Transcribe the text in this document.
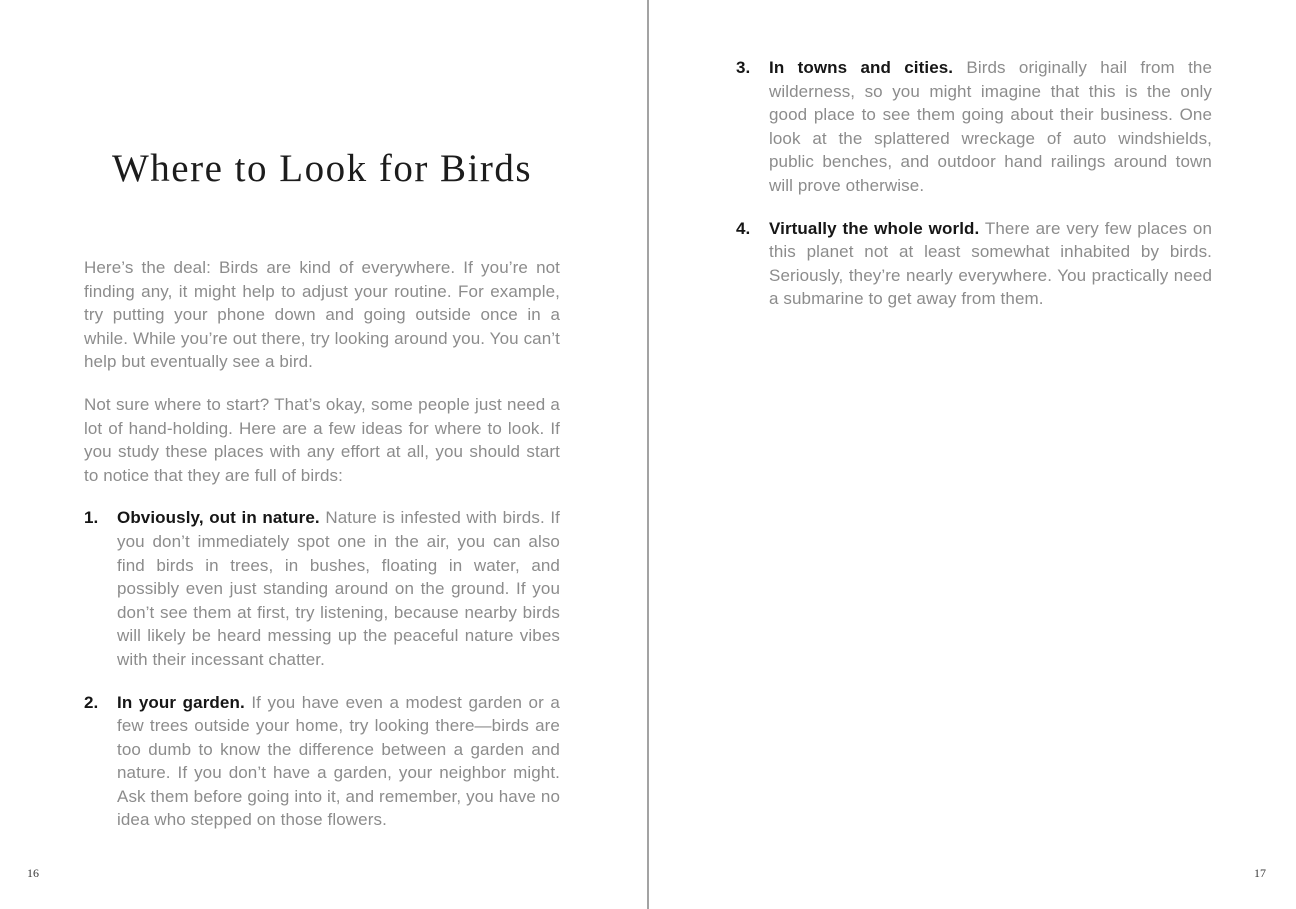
Where to Look for Birds

Here’s the deal: Birds are kind of everywhere. If you’re not finding any, it might help to adjust your routine. For example, try putting your phone down and going outside once in a while. While you’re out there, try looking around you. You can’t help but eventually see a bird.

Not sure where to start? That’s okay, some people just need a lot of hand-holding. Here are a few ideas for where to look. If you study these places with any effort at all, you should start to notice that they are full of birds:

1.	Obviously, out in nature. Nature is infested with birds. If you don’t immediately spot one in the air, you can also find birds in trees, in bushes, floating in water, and possibly even just standing around on the ground. If you don’t see them at first, try listening, because nearby birds will likely be heard messing up the peaceful nature vibes with their incessant chatter.
2.	In your garden. If you have even a modest garden or a few trees outside your home, try looking there—birds are too dumb to know the difference between a garden and nature. If you don’t have a garden, your neighbor might. Ask them before going into it, and remember, you have no idea who stepped on those flowers.
16
3.	In towns and cities. Birds originally hail from the wilderness, so you might imagine that this is the only good place to see them going about their business. One look at the splattered wreckage of auto windshields, public benches, and outdoor hand railings around town will prove otherwise.
4.	Virtually the whole world. There are very few places on this planet not at least somewhat inhabited by birds. Seriously, they’re nearly everywhere. You practically need a submarine to get away from them.
17
